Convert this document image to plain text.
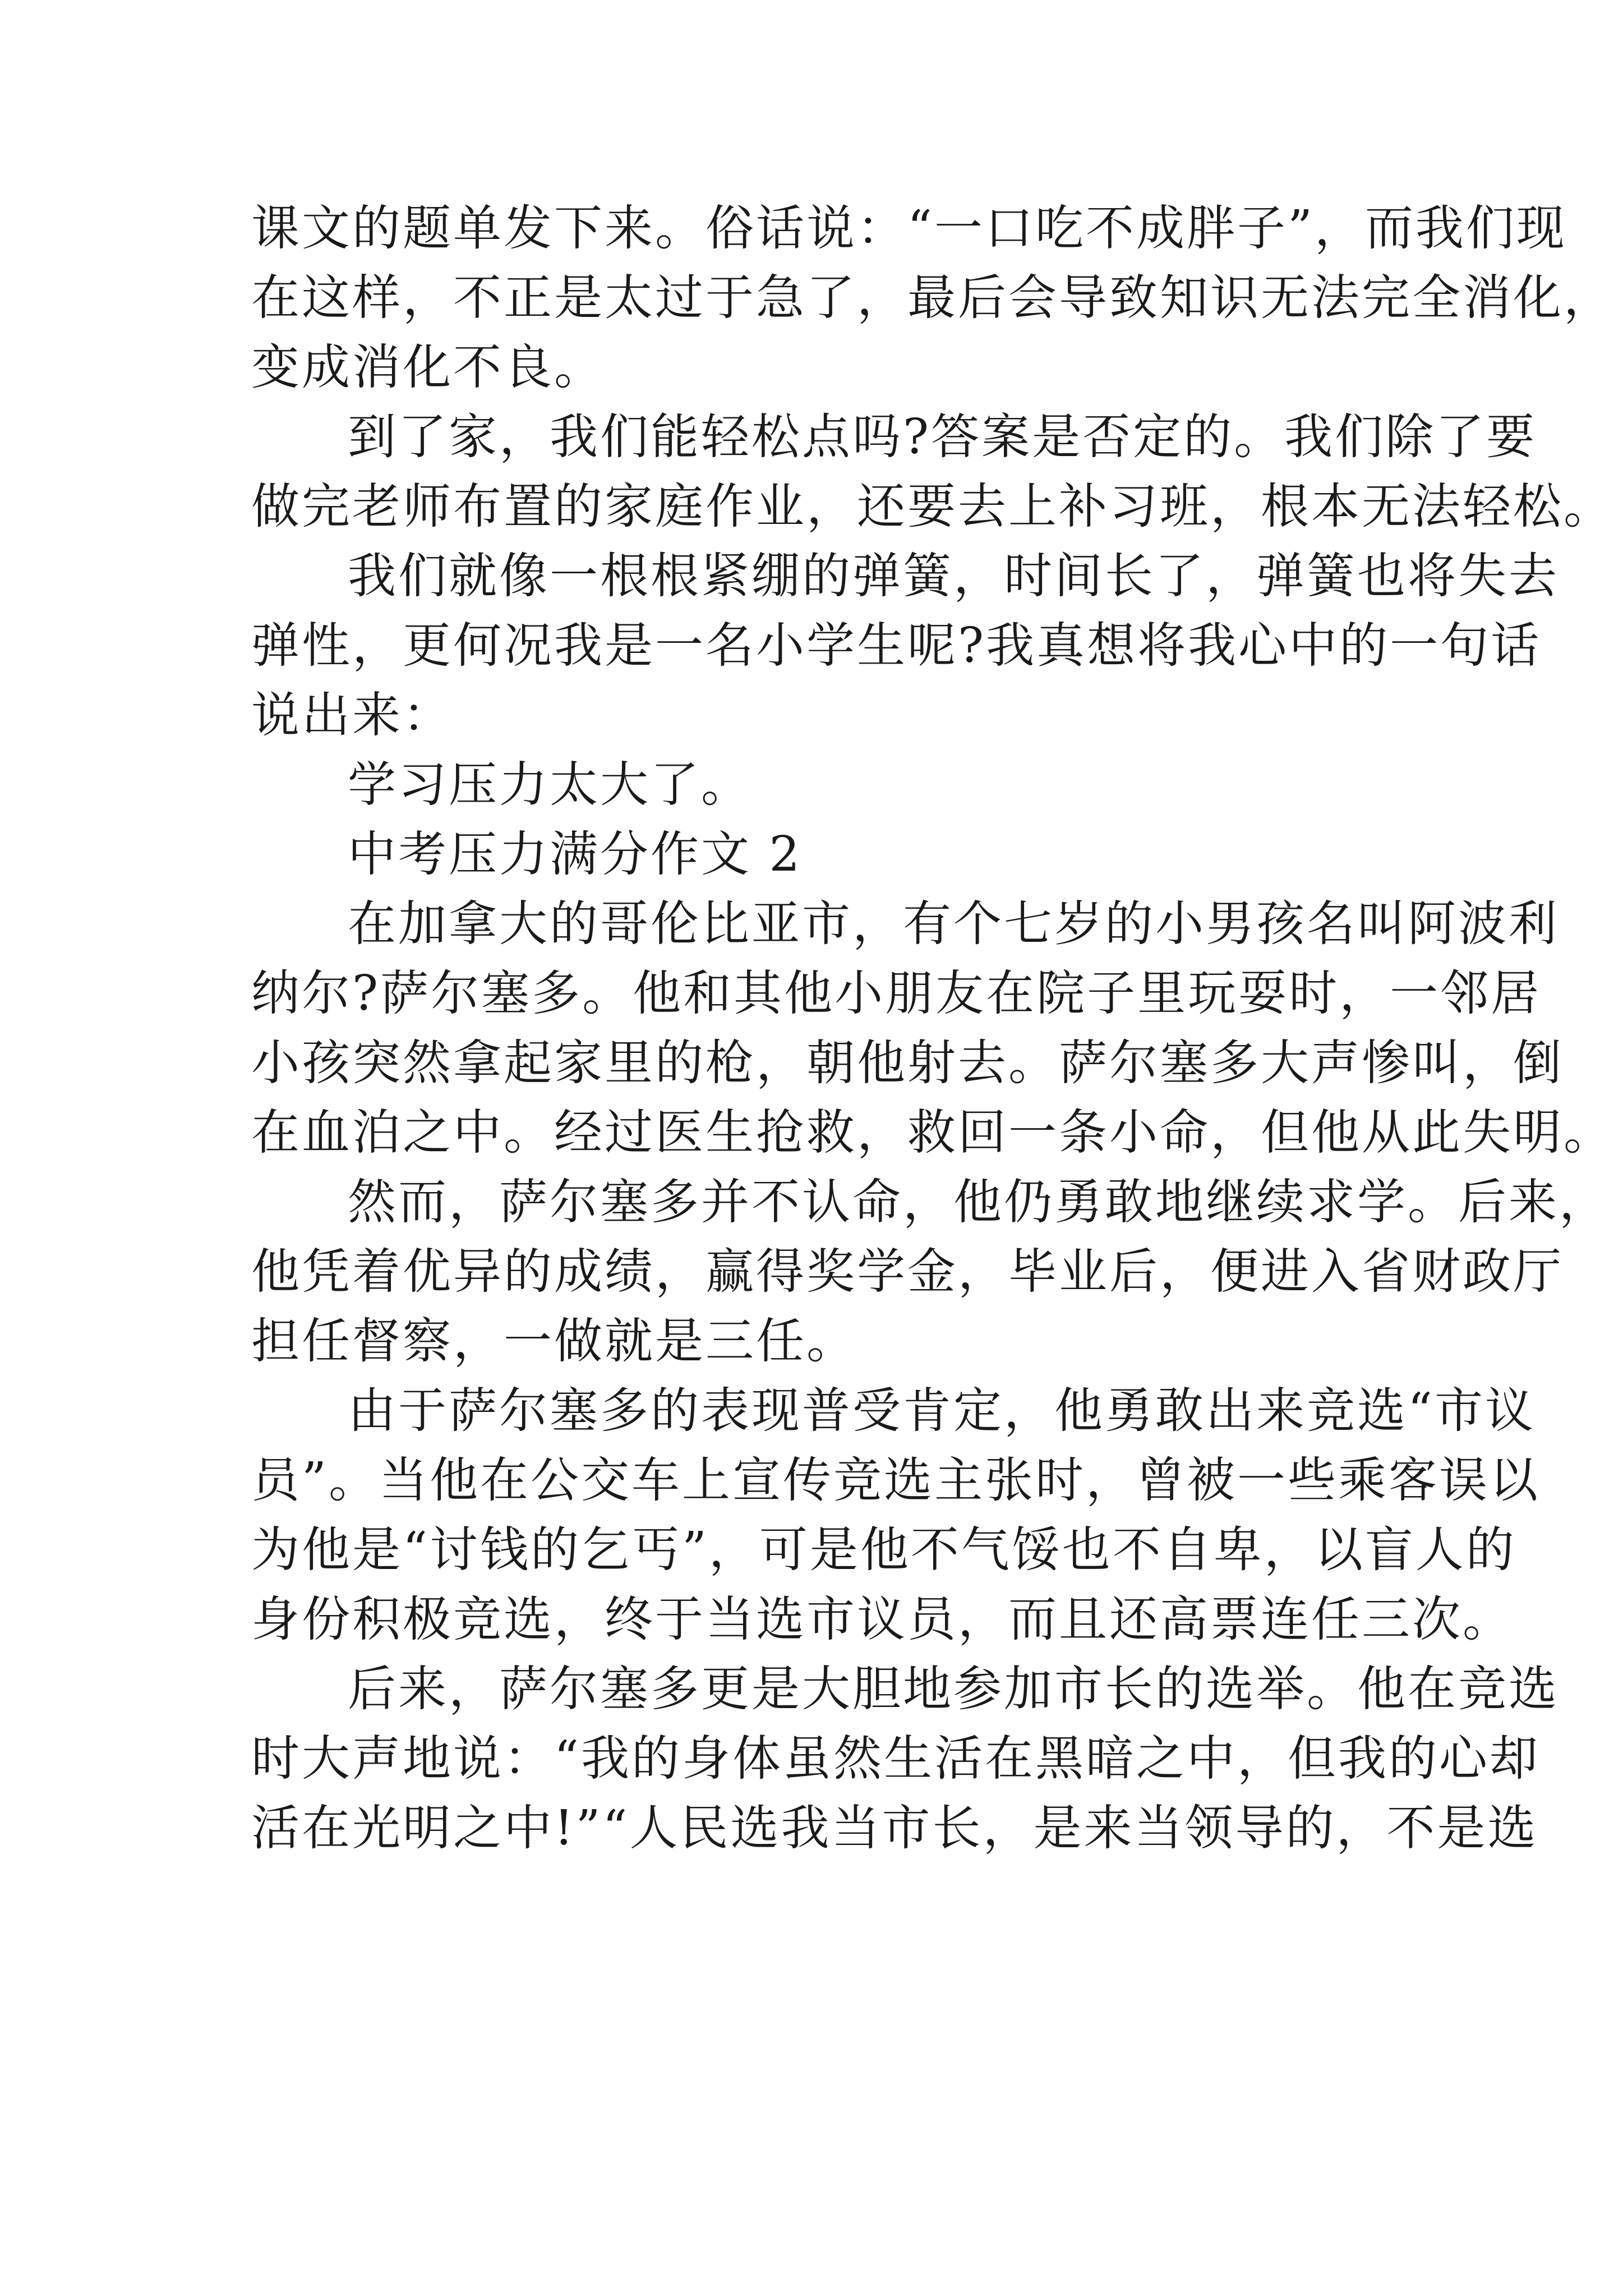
课文的题单发下来。俗话说：“一口吃不成胖子”，而我们现
在这样，不正是太过于急了，最后会导致知识无法完全消化，
变成消化不良。
到了家，我们能轻松点吗?答案是否定的。我们除了要
做完老师布置的家庭作业，还要去上补习班，根本无法轻松。
我们就像一根根紧绷的弹簧，时间长了，弹簧也将失去
弹性，更何况我是一名小学生呢?我真想将我心中的一句话
说出来：
学习压力太大了。
中考压力满分作文 2
在加拿大的哥伦比亚市，有个七岁的小男孩名叫阿波利
纳尔?萨尔塞多。他和其他小朋友在院子里玩耍时，一邻居
小孩突然拿起家里的枪，朝他射去。萨尔塞多大声惨叫，倒
在血泊之中。经过医生抢救，救回一条小命，但他从此失明。
然而，萨尔塞多并不认命，他仍勇敢地继续求学。后来，
他凭着优异的成绩，赢得奖学金，毕业后，便进入省财政厅
担任督察，一做就是三任。
由于萨尔塞多的表现普受肯定，他勇敢出来竞选“市议
员”。当他在公交车上宣传竞选主张时，曾被一些乘客误以
为他是“讨钱的乞丐”，可是他不气馁也不自卑，以盲人的
身份积极竞选，终于当选市议员，而且还高票连任三次。
后来，萨尔塞多更是大胆地参加市长的选举。他在竞选
时大声地说：“我的身体虽然生活在黑暗之中，但我的心却
活在光明之中!”“人民选我当市长，是来当领导的，不是选
